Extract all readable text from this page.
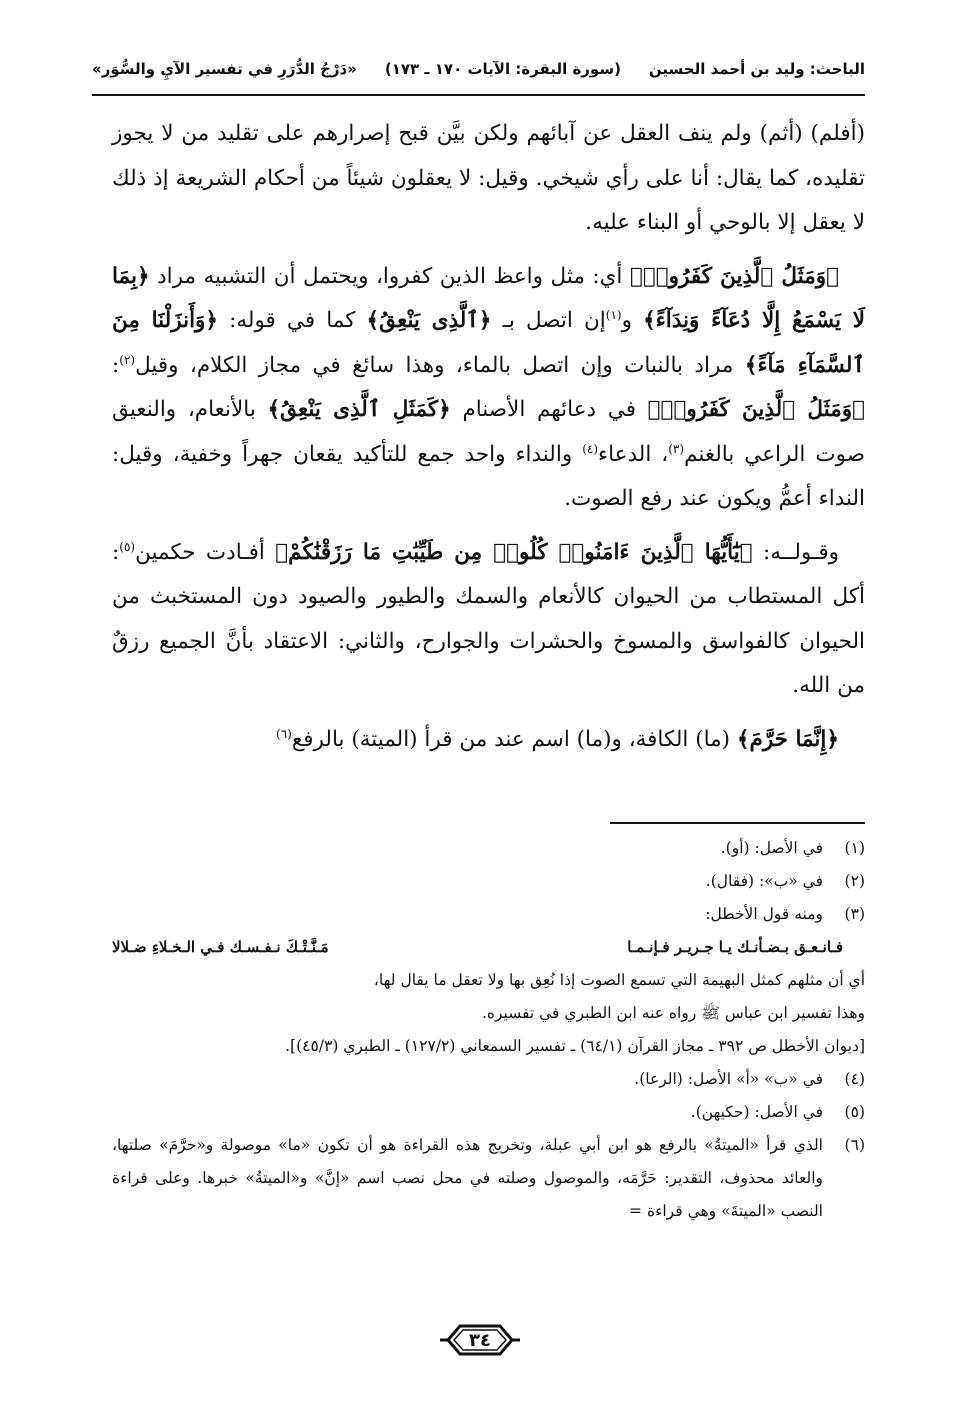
الباحث: وليد بن أحمد الحسين
(سورة البقرة: الآيات ١٧٠ ـ ١٧٣)
«دَرْجُ الدُّرَرِ في تفسير الآيِ والسُّوَر»

(أفلم) (أثم) ولم ينف العقل عن آبائهم ولكن بيَّن قبح إصرارهم على تقليد من لا يجوز تقليده، كما يقال: أنا على رأي شيخي. وقيل: لا يعقلون شيئاً من أحكام الشريعة إذ ذلك لا يعقل إلا بالوحي أو البناء عليه.

﴿وَمَثَلُ ٱلَّذِينَ كَفَرُوا۟﴾ أي: مثل واعظ الذين كفروا، ويحتمل أن التشبيه مراد ﴿بِمَا لَا يَسْمَعُ إِلَّا دُعَآءً وَنِدَآءً﴾ و$^{(١)}$إن اتصل بـ ﴿ٱلَّذِى يَنْعِقُ﴾ كما في قوله: ﴿وَأَنزَلْنَا مِنَ ٱلسَّمَآءِ مَآءً﴾ مراد بالنبات وإن اتصل بالماء، وهذا سائغ في مجاز الكلام، وقيل$^{(٢)}$: ﴿وَمَثَلُ ٱلَّذِينَ كَفَرُوا۟﴾ في دعائهم الأصنام ﴿كَمَثَلِ ٱلَّذِى يَنْعِقُ﴾ بالأنعام، والنعيق صوت الراعي بالغنم$^{(٣)}$، الدعاء$^{(٤)}$ والنداء واحد جمع للتأكيد يقعان جهراً وخفية، وقيل: النداء أعمُّ ويكون عند رفع الصوت.

وقـولــه: ﴿يَٰٓأَيُّهَا ٱلَّذِينَ ءَامَنُوا۟ كُلُوا۟ مِن طَيِّبَٰتِ مَا رَزَقْنَٰكُمْ﴾ أفـادت حكمين$^{(٥)}$: أكل المستطاب من الحيوان كالأنعام والسمك والطيور والصيود دون المستخبث من الحيوان كالفواسق والمسوخ والحشرات والجوارح، والثاني: الاعتقاد بأنَّ الجميع رزقٌ من الله.

﴿إِنَّمَا حَرَّمَ﴾ (ما) الكافة، و(ما) اسم عند من قرأ (الميتة) بالرفع$^{(٦)}$

(١)
في الأصل: (أو).
(٢)
في «ب»: (فقال).
(٣)
ومنه قول الأخطل:
فـانـعـق بـضـأنـك يـا جـريـر فـإنـمـا
مَـنَّـتْـكَ نـفـسـك فـي الـخـلاءِ ضـلالا
أي أن مثلهم كمثل البهيمة التي تسمع الصوت إذا نُعِق بها ولا تعقل ما يقال لها،
وهذا تفسير ابن عباس ﷺ رواه عنه ابن الطبري في تفسيره.
[ديوان الأخطل ص ٣٩٢ ـ مجاز القرآن (٦٤/١) ـ تفسير السمعاني (١٢٧/٢) ـ الطبري (٤٥/٣)].
(٤)
في «ب» «أ» الأصل: (الرعا).
(٥)
في الأصل: (حكيهن).
(٦)
الذي قرأ «الميتةُ» بالرفع هو ابن أبي عبلة، وتخريج هذه القراءة هو أن تكون «ما» موصولة و«حرَّمَ» صلتها، والعائد محذوف، التقدير: حَرَّمَه، والموصول وصلته في محل نصب اسم «إنَّ» و«الميتةُ» خبرها. وعلى قراءة النصب «الميتةَ» وهي قراءة =
٣٤
